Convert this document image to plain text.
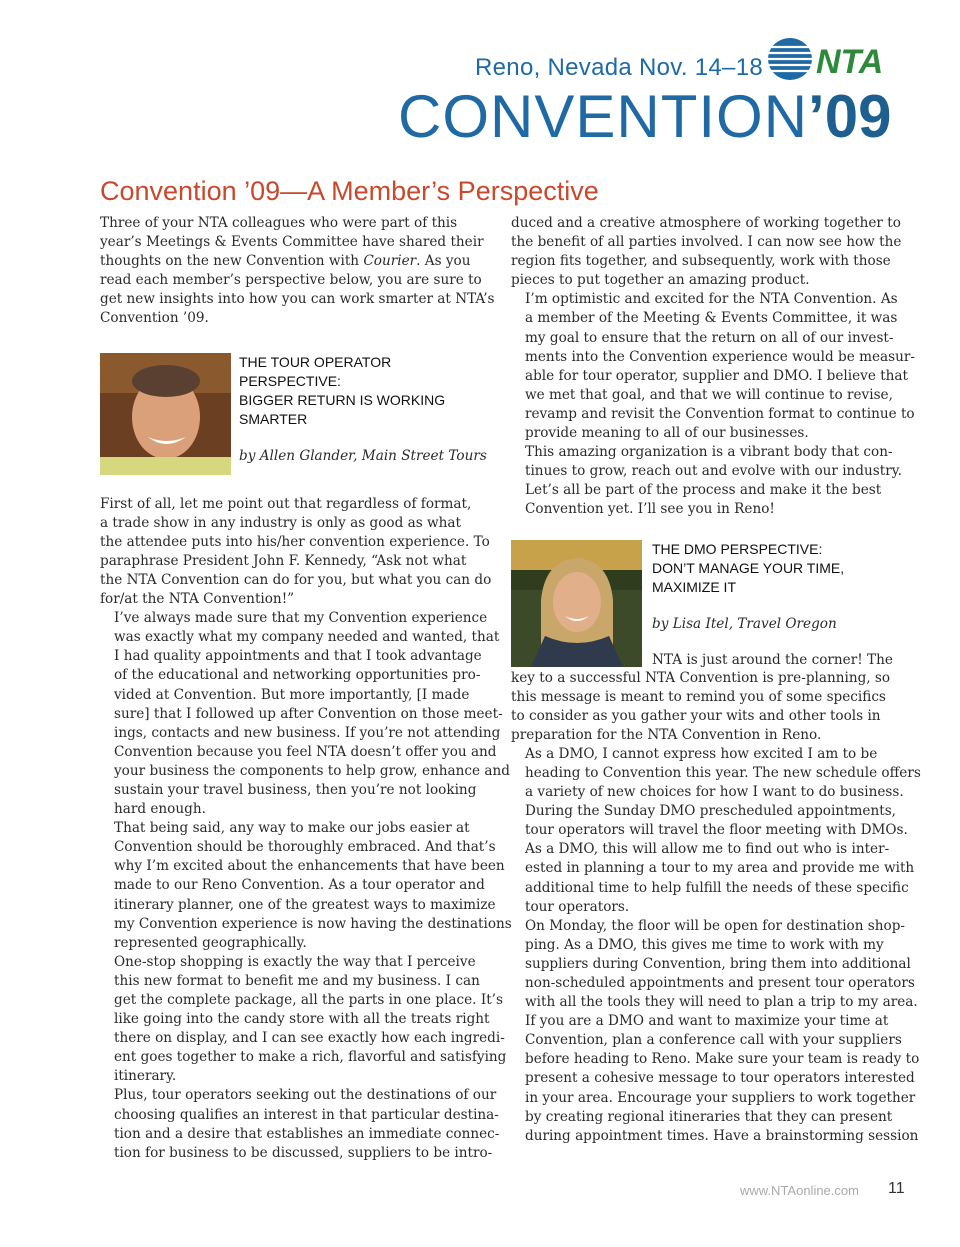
Reno, Nevada Nov. 14–18 NTA
CONVENTION’09
Convention ’09—A Member’s Perspective

Three of your NTA colleagues who were part of this
year’s Meetings & Events Committee have shared their
thoughts on the new Convention with Courier. As you
read each member’s perspective below, you are sure to
get new insights into how you can work smarter at NTA’s
Convention ’09.

THE TOUR OPERATOR
PERSPECTIVE:
BIGGER RETURN IS WORKING
SMARTER
by Allen Glander, Main Street Tours

First of all, let me point out that regardless of format,
a trade show in any industry is only as good as what
the attendee puts into his/her convention experience. To
paraphrase President John F. Kennedy, “Ask not what
the NTA Convention can do for you, but what you can do
for/at the NTA Convention!”

I’ve always made sure that my Convention experience
was exactly what my company needed and wanted, that
I had quality appointments and that I took advantage
of the educational and networking opportunities pro-
vided at Convention. But more importantly, [I made
sure] that I followed up after Convention on those meet-
ings, contacts and new business. If you’re not attending
Convention because you feel NTA doesn’t offer you and
your business the components to help grow, enhance and
sustain your travel business, then you’re not looking
hard enough.

That being said, any way to make our jobs easier at
Convention should be thoroughly embraced. And that’s
why I’m excited about the enhancements that have been
made to our Reno Convention. As a tour operator and
itinerary planner, one of the greatest ways to maximize
my Convention experience is now having the destinations
represented geographically.

One-stop shopping is exactly the way that I perceive
this new format to benefit me and my business. I can
get the complete package, all the parts in one place. It’s
like going into the candy store with all the treats right
there on display, and I can see exactly how each ingredi-
ent goes together to make a rich, flavorful and satisfying
itinerary.

Plus, tour operators seeking out the destinations of our
choosing qualifies an interest in that particular destina-
tion and a desire that establishes an immediate connec-
tion for business to be discussed, suppliers to be intro-

duced and a creative atmosphere of working together to
the benefit of all parties involved. I can now see how the
region fits together, and subsequently, work with those
pieces to put together an amazing product.

I’m optimistic and excited for the NTA Convention. As
a member of the Meeting & Events Committee, it was
my goal to ensure that the return on all of our invest-
ments into the Convention experience would be measur-
able for tour operator, supplier and DMO. I believe that
we met that goal, and that we will continue to revise,
revamp and revisit the Convention format to continue to
provide meaning to all of our businesses.

This amazing organization is a vibrant body that con-
tinues to grow, reach out and evolve with our industry.
Let’s all be part of the process and make it the best
Convention yet. I’ll see you in Reno!

THE DMO PERSPECTIVE:
DON’T MANAGE YOUR TIME,
MAXIMIZE IT
by Lisa Itel, Travel Oregon
NTA is just around the corner! The

key to a successful NTA Convention is pre-planning, so
this message is meant to remind you of some specifics
to consider as you gather your wits and other tools in
preparation for the NTA Convention in Reno.

As a DMO, I cannot express how excited I am to be
heading to Convention this year. The new schedule offers
a variety of new choices for how I want to do business.
During the Sunday DMO prescheduled appointments,
tour operators will travel the floor meeting with DMOs.
As a DMO, this will allow me to find out who is inter-
ested in planning a tour to my area and provide me with
additional time to help fulfill the needs of these specific
tour operators.

On Monday, the floor will be open for destination shop-
ping. As a DMO, this gives me time to work with my
suppliers during Convention, bring them into additional
non-scheduled appointments and present tour operators
with all the tools they will need to plan a trip to my area.

If you are a DMO and want to maximize your time at
Convention, plan a conference call with your suppliers
before heading to Reno. Make sure your team is ready to
present a cohesive message to tour operators interested
in your area. Encourage your suppliers to work together
by creating regional itineraries that they can present
during appointment times. Have a brainstorming session

www.NTAonline.com 11
